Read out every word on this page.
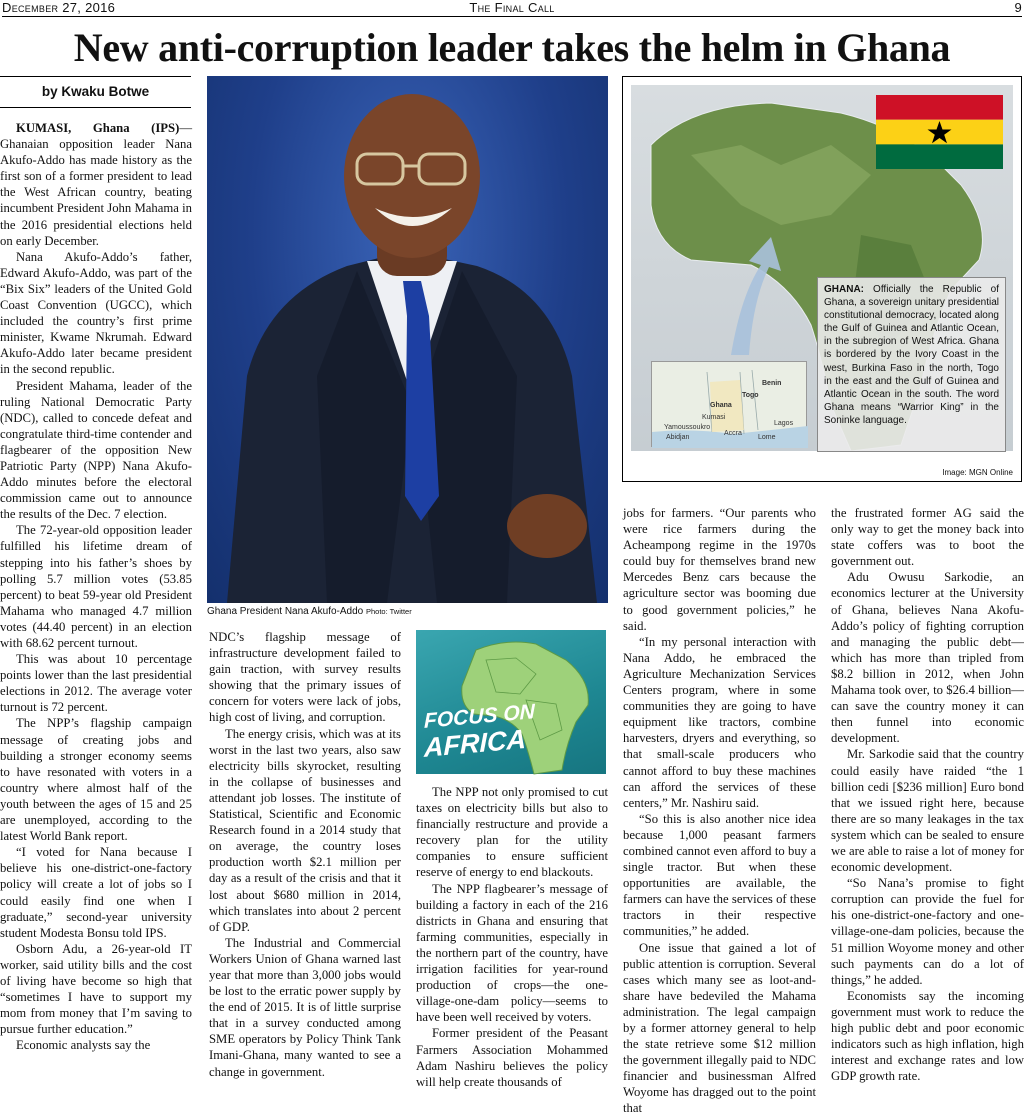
December 27, 2016	The Final Call	9
New anti-corruption leader takes the helm in Ghana
by Kwaku Botwe

KUMASI, Ghana (IPS)—Ghanaian opposition leader Nana Akufo-Addo has made history as the first son of a former president to lead the West African country, beating incumbent President John Mahama in the 2016 presidential elections held on early December.

Nana Akufo-Addo’s father, Edward Akufo-Addo, was part of the “Bix Six” leaders of the United Gold Coast Convention (UGCC), which included the country’s first prime minister, Kwame Nkrumah. Edward Akufo-Addo later became president in the second republic.

President Mahama, leader of the ruling National Democratic Party (NDC), called to concede defeat and congratulate third-time contender and flagbearer of the opposition New Patriotic Party (NPP) Nana Akufo-Addo minutes before the electoral commission came out to announce the results of the Dec. 7 election.

The 72-year-old opposition leader fulfilled his lifetime dream of stepping into his father’s shoes by polling 5.7 million votes (53.85 percent) to beat 59-year old President Mahama who managed 4.7 million votes (44.40 percent) in an election with 68.62 percent turnout.

This was about 10 percentage points lower than the last presidential elections in 2012. The average voter turnout is 72 percent.

The NPP’s flagship campaign message of creating jobs and building a stronger economy seems to have resonated with voters in a country where almost half of the youth between the ages of 15 and 25 are unemployed, according to the latest World Bank report.

“I voted for Nana because I believe his one-district-one-factory policy will create a lot of jobs so I could easily find one when I graduate,” second-year university student Modesta Bonsu told IPS.

Osborn Adu, a 26-year-old IT worker, said utility bills and the cost of living have become so high that “sometimes I have to support my mom from money that I’m saving to pursue further education.”

Economic analysts say the

Ghana President Nana Akufo-Addo Photo: Twitter
Benin
Togo
Ghana
Kumasi
Yamoussoukro
Abidjan
Accra
Lagos
Lome
GHANA: Officially the Republic of Ghana, a sovereign unitary presidential constitutional democracy, located along the Gulf of Guinea and Atlantic Ocean, in the subregion of West Africa. Ghana is bordered by the Ivory Coast in the west, Burkina Faso in the north, Togo in the east and the Gulf of Guinea and Atlantic Ocean in the south. The word Ghana means “Warrior King” in the Soninke language.
Image: MGN Online

NDC’s flagship message of infrastructure development failed to gain traction, with survey results showing that the primary issues of concern for voters were lack of jobs, high cost of living, and corruption.

The energy crisis, which was at its worst in the last two years, also saw electricity bills skyrocket, resulting in the collapse of businesses and attendant job losses. The institute of Statistical, Scientific and Economic Research found in a 2014 study that on average, the country loses production worth $2.1 million per day as a result of the crisis and that it lost about $680 million in 2014, which translates into about 2 percent of GDP.

The Industrial and Commercial Workers Union of Ghana warned last year that more than 3,000 jobs would be lost to the erratic power supply by the end of 2015. It is of little surprise that in a survey conducted among SME operators by Policy Think Tank Imani-Ghana, many wanted to see a change in government.

FOCUS ON
AFRICA

The NPP not only promised to cut taxes on electricity bills but also to financially restructure and provide a recovery plan for the utility companies to ensure sufficient reserve of energy to end blackouts.

The NPP flagbearer’s message of building a factory in each of the 216 districts in Ghana and ensuring that farming communities, especially in the northern part of the country, have irrigation facilities for year-round production of crops—the one-village-one-dam policy—seems to have been well received by voters.

Former president of the Peasant Farmers Association Mohammed Adam Nashiru believes the policy will help create thousands of

jobs for farmers. “Our parents who were rice farmers during the Acheampong regime in the 1970s could buy for themselves brand new Mercedes Benz cars because the agriculture sector was booming due to good government policies,” he said.

“In my personal interaction with Nana Addo, he embraced the Agriculture Mechanization Services Centers program, where in some communities they are going to have equipment like tractors, combine harvesters, dryers and everything, so that small-scale producers who cannot afford to buy these machines can afford the services of these centers,” Mr. Nashiru said.

“So this is also another nice idea because 1,000 peasant farmers combined cannot even afford to buy a single tractor. But when these opportunities are available, the farmers can have the services of these tractors in their respective communities,” he added.

One issue that gained a lot of public attention is corruption. Several cases which many see as loot-and-share have bedeviled the Mahama administration. The legal campaign by a former attorney general to help the state retrieve some $12 million the government illegally paid to NDC financier and businessman Alfred Woyome has dragged out to the point that

the frustrated former AG said the only way to get the money back into state coffers was to boot the government out.

Adu Owusu Sarkodie, an economics lecturer at the University of Ghana, believes Nana Akofu-Addo’s policy of fighting corruption and managing the public debt—which has more than tripled from $8.2 billion in 2012, when John Mahama took over, to $26.4 billion—can save the country money it can then funnel into economic development.

Mr. Sarkodie said that the country could easily have raided “the 1 billion cedi [$236 million] Euro bond that we issued right here, because there are so many leakages in the tax system which can be sealed to ensure we are able to raise a lot of money for economic development.

“So Nana’s promise to fight corruption can provide the fuel for his one-district-one-factory and one-village-one-dam policies, because the 51 million Woyome money and other such payments can do a lot of things,” he added.

Economists say the incoming government must work to reduce the high public debt and poor economic indicators such as high inflation, high interest and exchange rates and low GDP growth rate.
